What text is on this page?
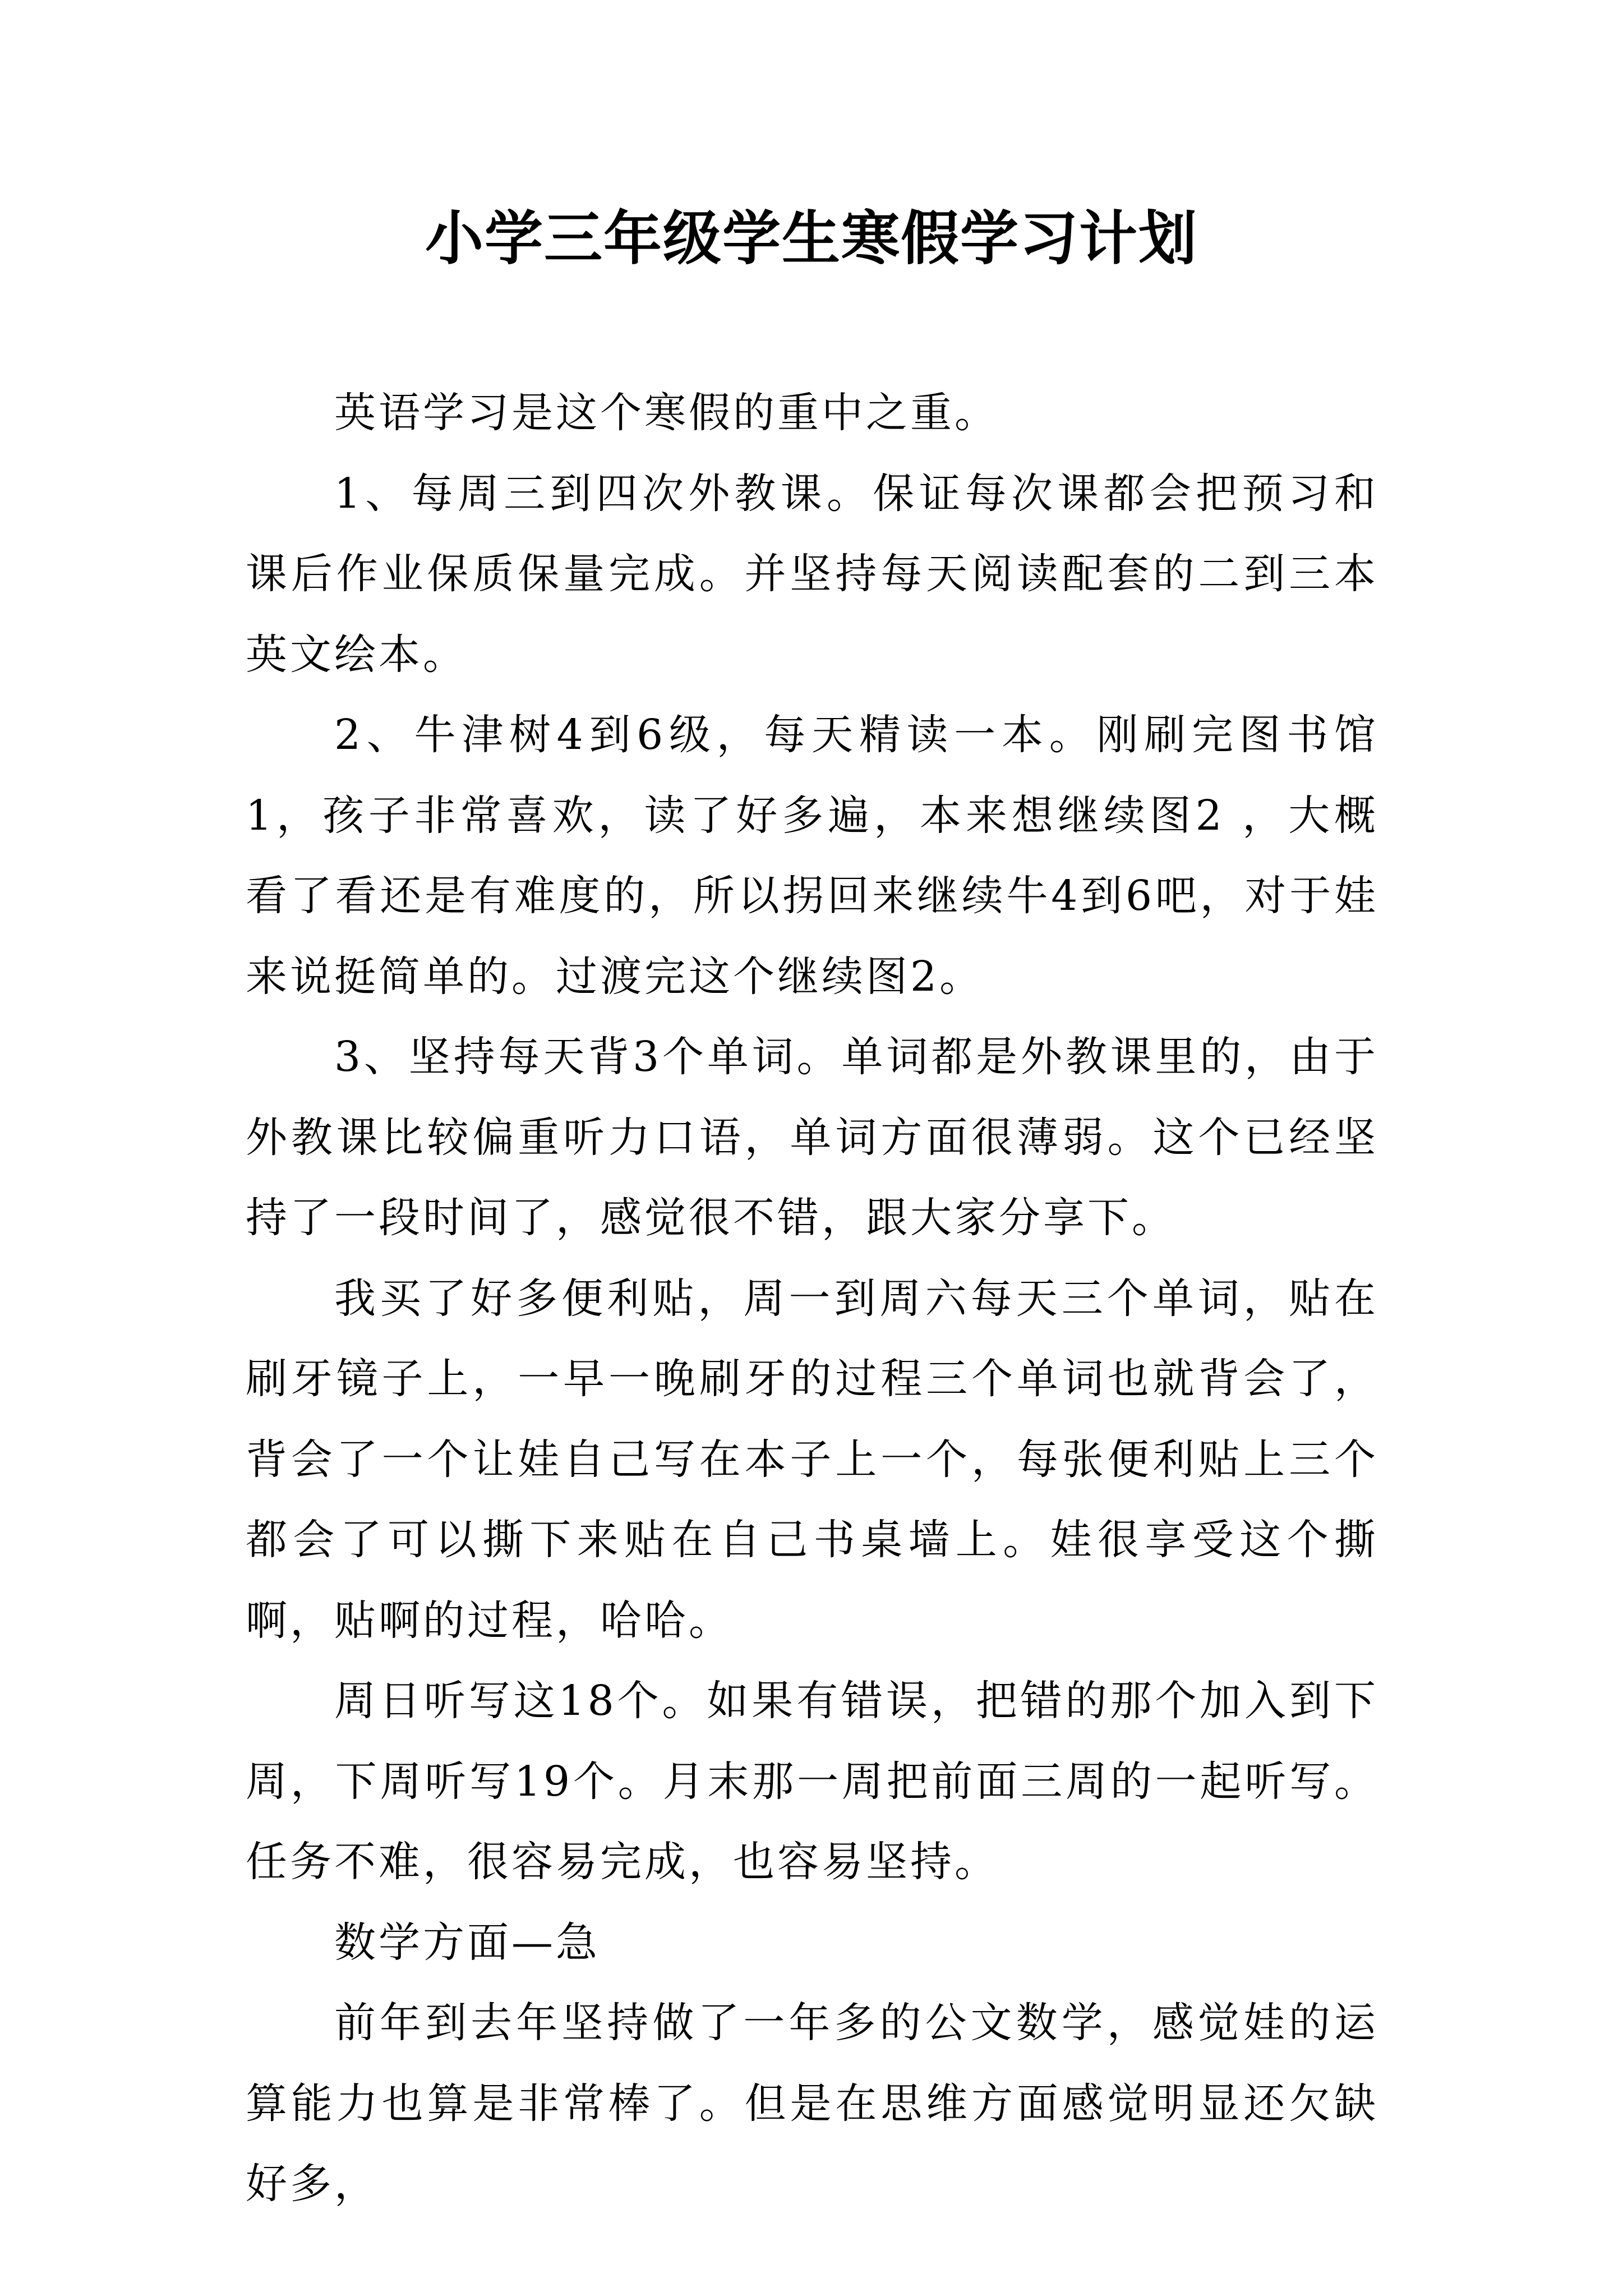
小学三年级学生寒假学习计划

英语学习是这个寒假的重中之重。

1、每周三到四次外教课。保证每次课都会把预习和课后作业保质保量完成。并坚持每天阅读配套的二到三本英文绘本。

2、牛津树4到6级，每天精读一本。刚刷完图书馆1，孩子非常喜欢，读了好多遍，本来想继续图2 ，大概看了看还是有难度的，所以拐回来继续牛4到6吧，对于娃来说挺简单的。过渡完这个继续图2。

3、坚持每天背3个单词。单词都是外教课里的，由于外教课比较偏重听力口语，单词方面很薄弱。这个已经坚持了一段时间了，感觉很不错，跟大家分享下。

我买了好多便利贴，周一到周六每天三个单词，贴在刷牙镜子上，一早一晚刷牙的过程三个单词也就背会了，背会了一个让娃自己写在本子上一个，每张便利贴上三个都会了可以撕下来贴在自己书桌墙上。娃很享受这个撕啊，贴啊的过程，哈哈。

周日听写这18个。如果有错误，把错的那个加入到下周，下周听写19个。月末那一周把前面三周的一起听写。任务不难，很容易完成，也容易坚持。

数学方面—急

前年到去年坚持做了一年多的公文数学，感觉娃的运算能力也算是非常棒了。但是在思维方面感觉明显还欠缺好多，
